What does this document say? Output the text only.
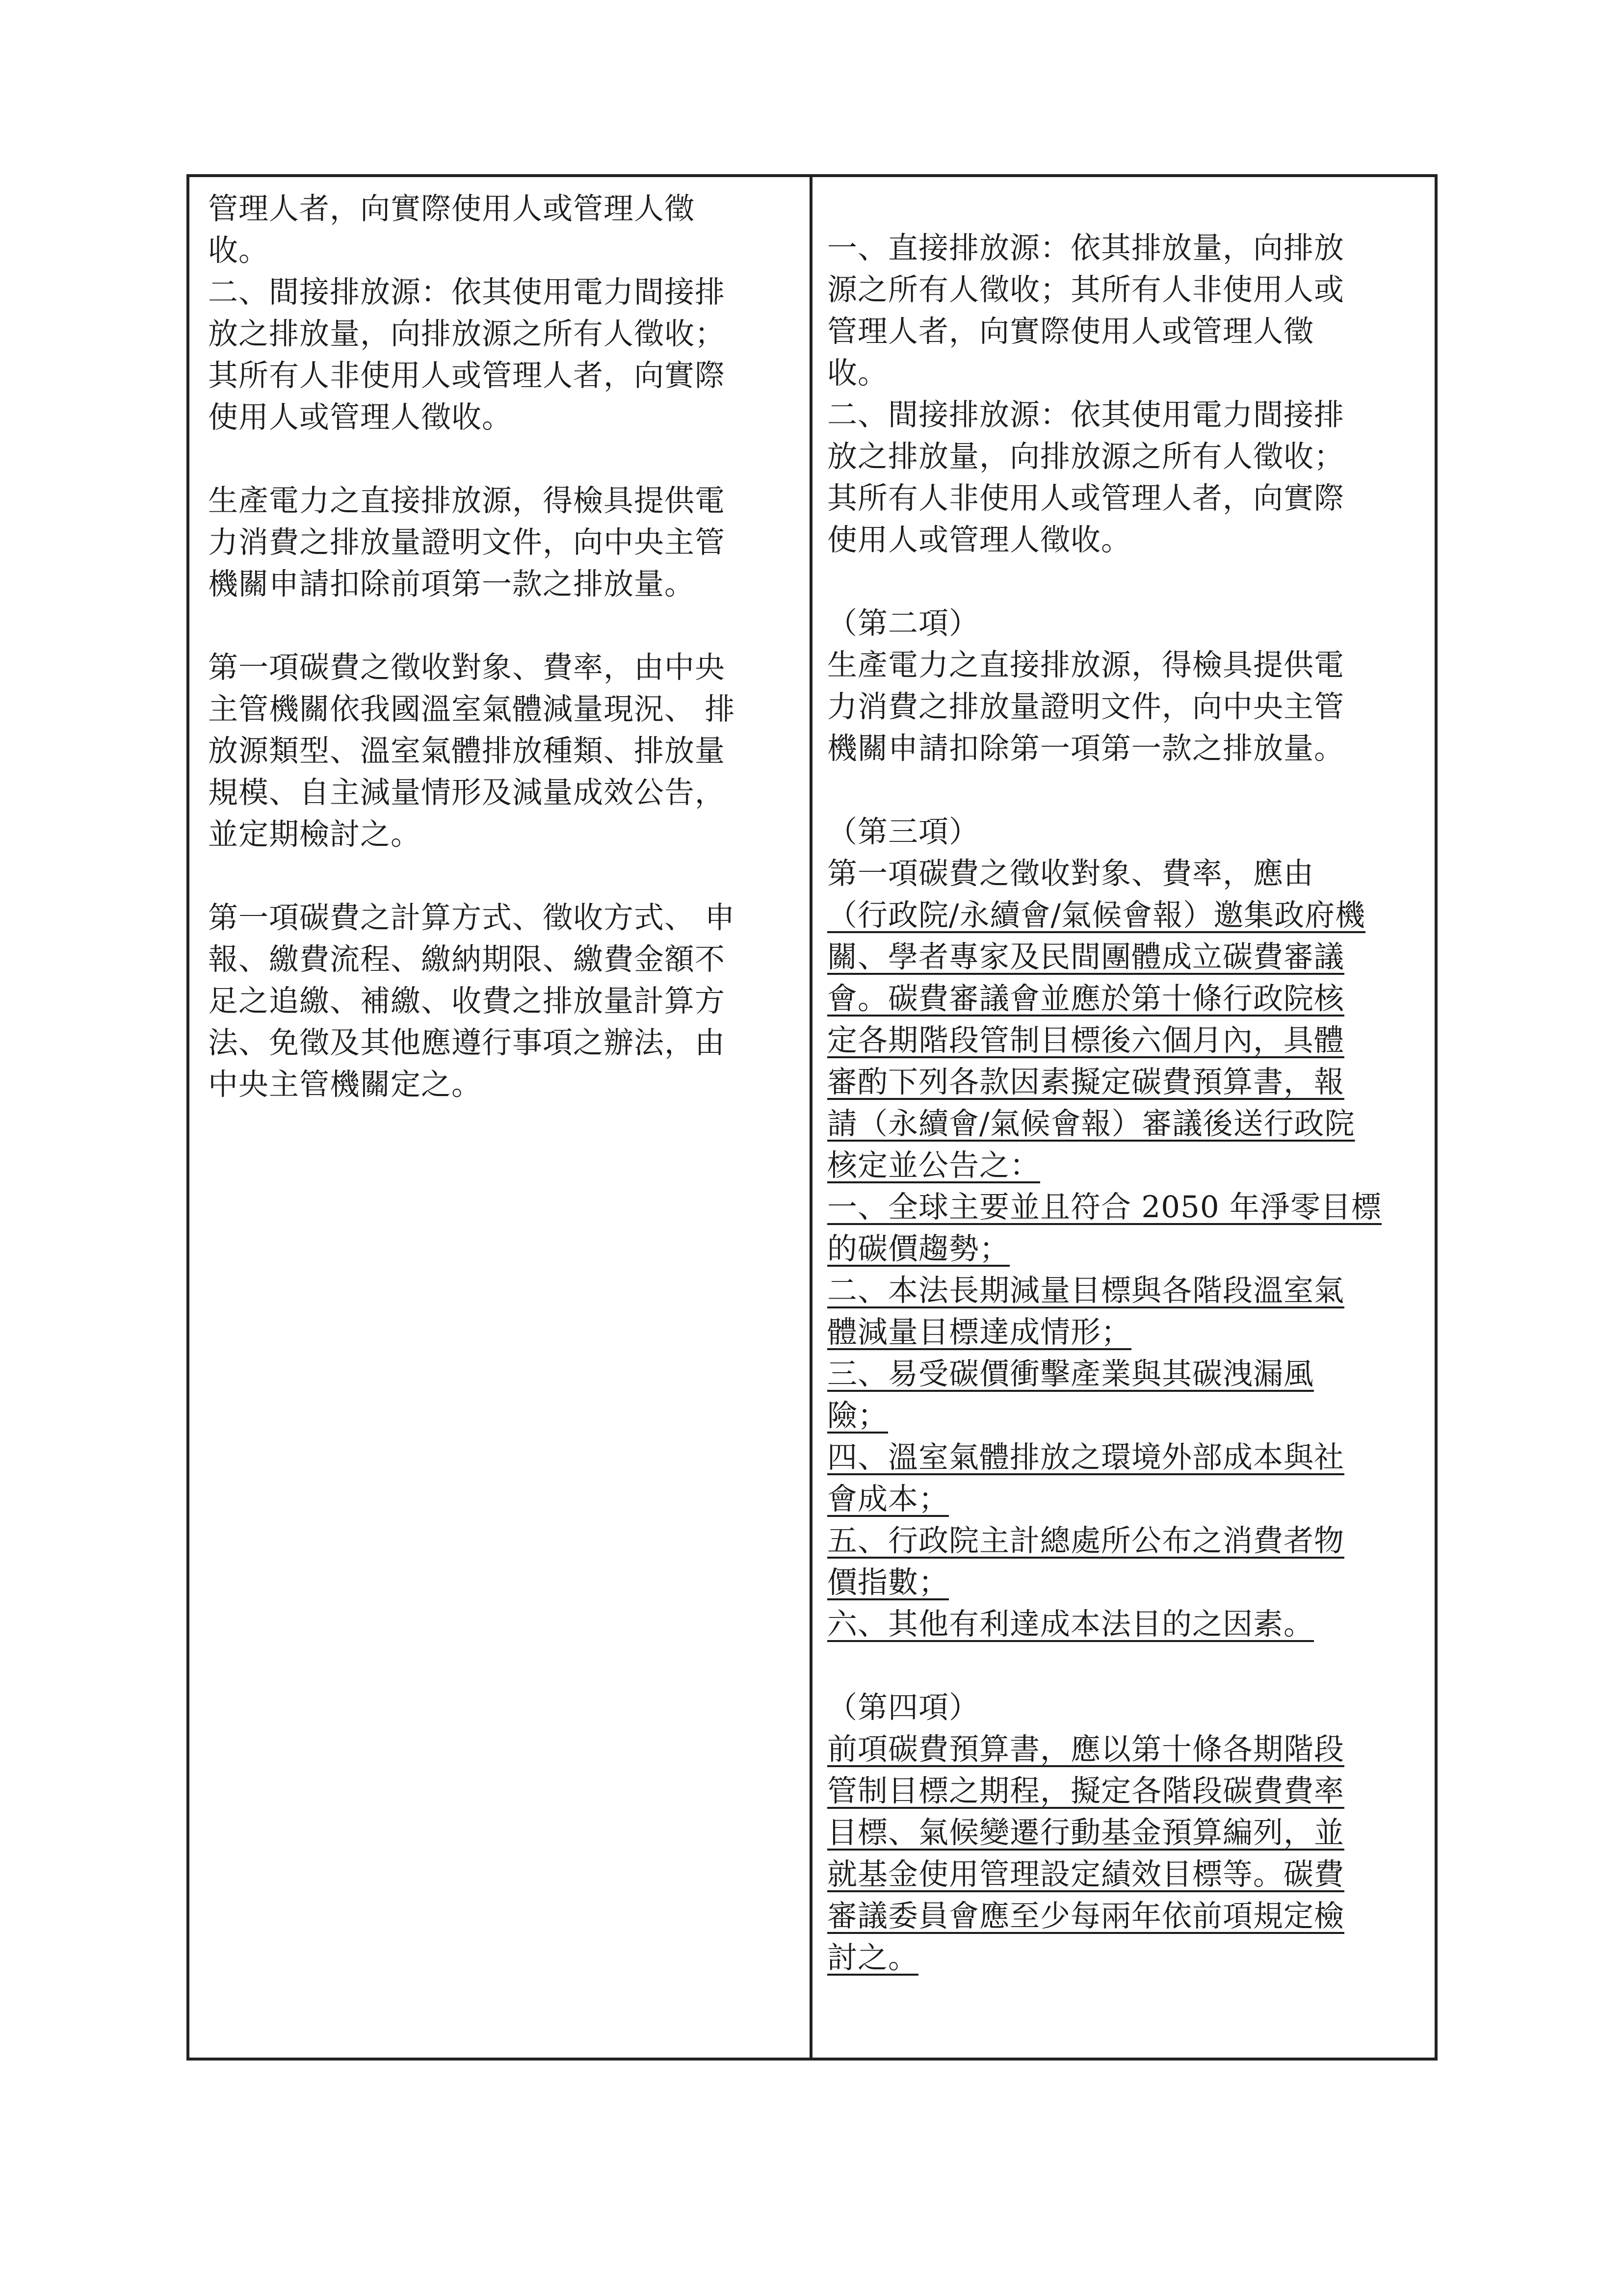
管理人者，向實際使用人或管理人徵
收。
二、間接排放源：依其使用電力間接排
放之排放量，向排放源之所有人徵收；
其所有人非使用人或管理人者，向實際
使用人或管理人徵收。
生產電力之直接排放源，得檢具提供電
力消費之排放量證明文件，向中央主管
機關申請扣除前項第一款之排放量。
第一項碳費之徵收對象、費率，由中央
主管機關依我國溫室氣體減量現況、 排
放源類型、溫室氣體排放種類、排放量
規模、自主減量情形及減量成效公告，
並定期檢討之。
第一項碳費之計算方式、徵收方式、 申
報、繳費流程、繳納期限、繳費金額不
足之追繳、補繳、收費之排放量計算方
法、免徵及其他應遵行事項之辦法，由
中央主管機關定之。
一、直接排放源：依其排放量，向排放
源之所有人徵收；其所有人非使用人或
管理人者，向實際使用人或管理人徵
收。
二、間接排放源：依其使用電力間接排
放之排放量，向排放源之所有人徵收；
其所有人非使用人或管理人者，向實際
使用人或管理人徵收。
（第二項）
生產電力之直接排放源，得檢具提供電
力消費之排放量證明文件，向中央主管
機關申請扣除第一項第一款之排放量。
（第三項）
第一項碳費之徵收對象、費率，應由
（行政院/永續會/氣候會報）邀集政府機
關、學者專家及民間團體成立碳費審議
會。碳費審議會並應於第十條行政院核
定各期階段管制目標後六個月內，具體
審酌下列各款因素擬定碳費預算書，報
請（永續會/氣候會報）審議後送行政院
核定並公告之：
一、全球主要並且符合 2050 年淨零目標
的碳價趨勢；
二、本法長期減量目標與各階段溫室氣
體減量目標達成情形；
三、易受碳價衝擊產業與其碳洩漏風
險；
四、溫室氣體排放之環境外部成本與社
會成本；
五、行政院主計總處所公布之消費者物
價指數；
六、其他有利達成本法目的之因素。
（第四項）
前項碳費預算書，應以第十條各期階段
管制目標之期程，擬定各階段碳費費率
目標、氣候變遷行動基金預算編列，並
就基金使用管理設定績效目標等。碳費
審議委員會應至少每兩年依前項規定檢
討之。
